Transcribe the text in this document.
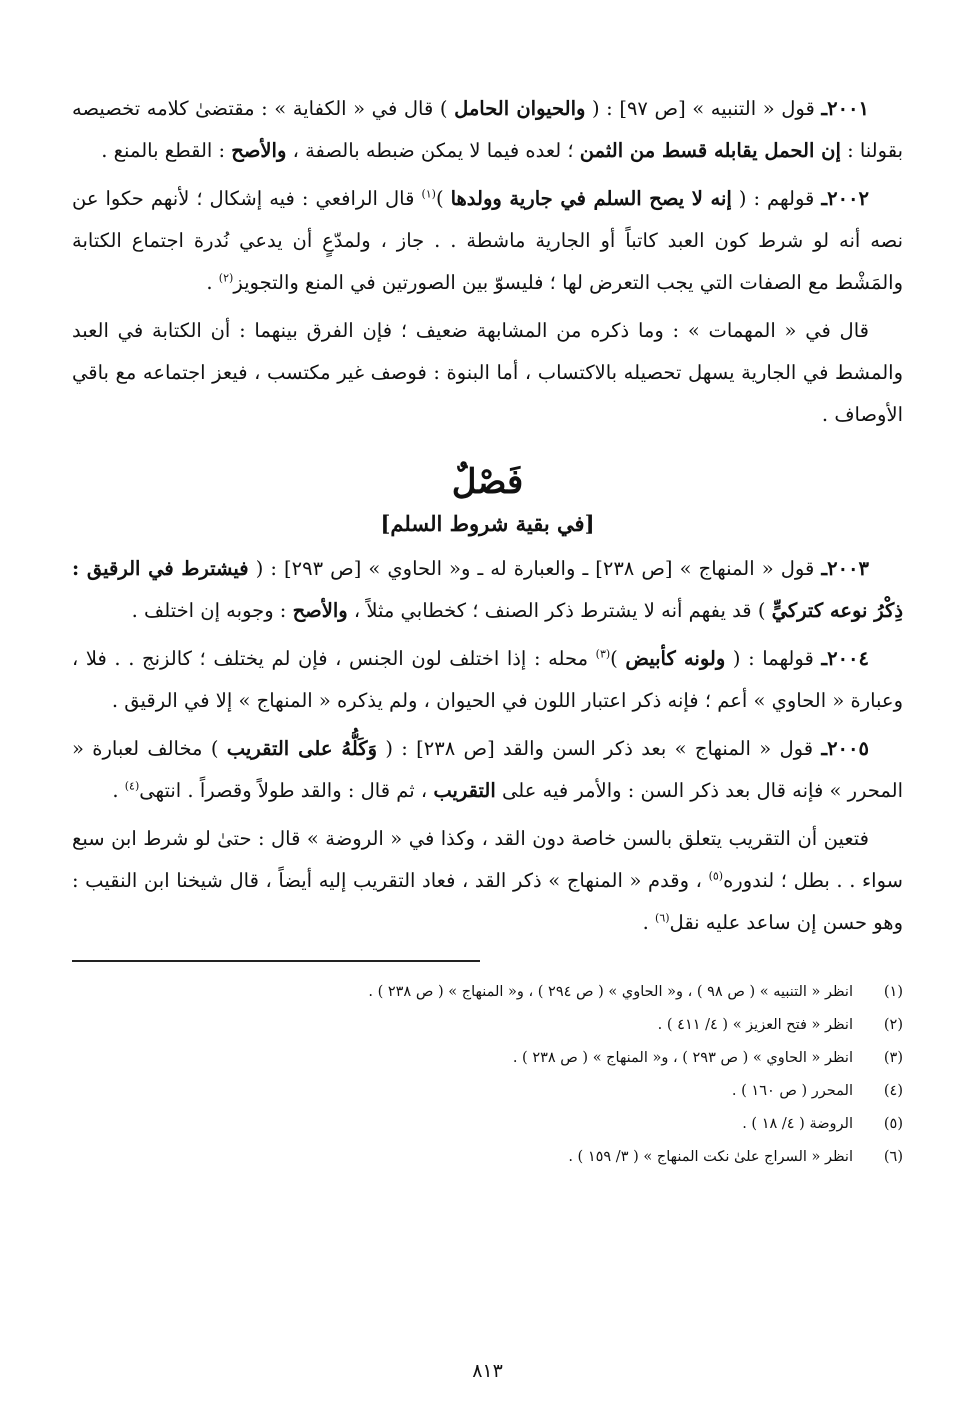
٢٠٠١ـ قول « التنبيه » [ص ٩٧] : ( والحيوان الحامل ) قال في « الكفاية » : مقتضىٰ كلامه تخصيصه بقولنا : إن الحمل يقابله قسط من الثمن ؛ لعده فيما لا يمكن ضبطه بالصفة ، والأصح : القطع بالمنع .

٢٠٠٢ـ قولهم : ( إنه لا يصح السلم في جارية وولدها )$^{(١)}$ قال الرافعي : فيه إشكال ؛ لأنهم حكوا عن نصه أنه لو شرط كون العبد كاتباً أو الجارية ماشطة . . جاز ، ولمدّعٍ أن يدعي نُدرة اجتماع الكتابة والمَشْط مع الصفات التي يجب التعرض لها ؛ فليسوّ بين الصورتين في المنع والتجويز$^{(٢)}$ .

قال في « المهمات » : وما ذكره من المشابهة ضعيف ؛ فإن الفرق بينهما : أن الكتابة في العبد والمشط في الجارية يسهل تحصيله بالاكتساب ، أما البنوة : فوصف غير مكتسب ، فيعز اجتماعه مع باقي الأوصاف .

فَصْلٌ
[في بقية شروط السلم]

٢٠٠٣ـ قول « المنهاج » [ص ٢٣٨] ـ والعبارة له ـ و« الحاوي » [ص ٢٩٣] : ( فيشترط في الرقيق : ذِكْرُ نوعه كتركيٍّ ) قد يفهم أنه لا يشترط ذكر الصنف ؛ كخطابي مثلاً ، والأصح : وجوبه إن اختلف .

٢٠٠٤ـ قولهما : ( ولونه كأبيض )$^{(٣)}$ محله : إذا اختلف لون الجنس ، فإن لم يختلف ؛ كالزنج . . فلا ، وعبارة « الحاوي » أعم ؛ فإنه ذكر اعتبار اللون في الحيوان ، ولم يذكره « المنهاج » إلا في الرقيق .

٢٠٠٥ـ قول « المنهاج » بعد ذكر السن والقد [ص ٢٣٨] : ( وَكَلُّهُ على التقريب ) مخالف لعبارة « المحرر » فإنه قال بعد ذكر السن : والأمر فيه على التقريب ، ثم قال : والقد طولاً وقصراً . انتهى$^{(٤)}$ .

فتعين أن التقريب يتعلق بالسن خاصة دون القد ، وكذا في « الروضة » قال : حتىٰ لو شرط ابن سبع سواء . . بطل ؛ لندوره$^{(٥)}$ ، وقدم « المنهاج » ذكر القد ، فعاد التقريب إليه أيضاً ، قال شيخنا ابن النقيب : وهو حسن إن ساعد عليه نقل$^{(٦)}$ .

(١)
انظر « التنبيه » ( ص ٩٨ ) ، و« الحاوي » ( ص ٢٩٤ ) ، و« المنهاج » ( ص ٢٣٨ ) .
(٢)
انظر « فتح العزيز » ( ٤/ ٤١١ ) .
(٣)
انظر « الحاوي » ( ص ٢٩٣ ) ، و« المنهاج » ( ص ٢٣٨ ) .
(٤)
المحرر ( ص ١٦٠ ) .
(٥)
الروضة ( ٤/ ١٨ ) .
(٦)
انظر « السراج علىٰ نكت المنهاج » ( ٣/ ١٥٩ ) .
٨١٣
